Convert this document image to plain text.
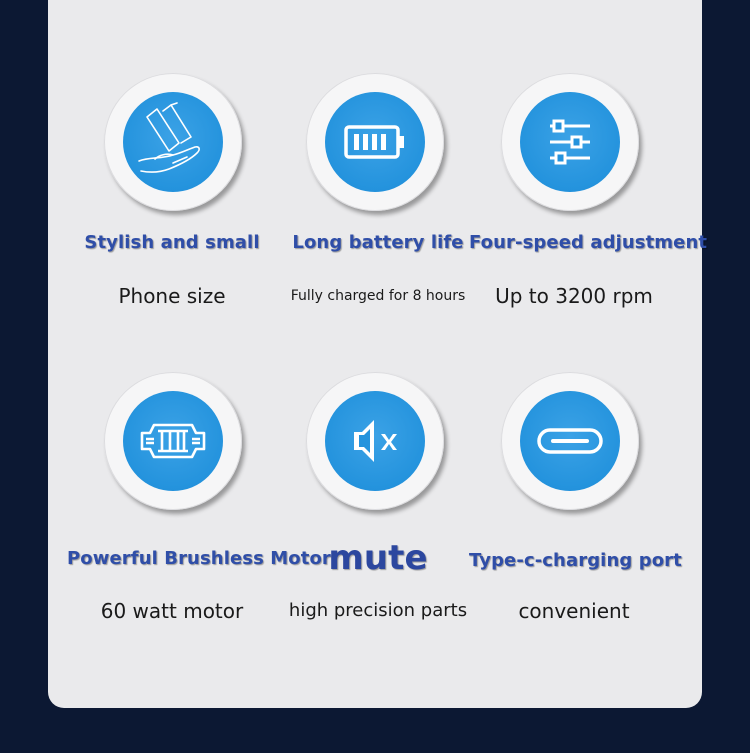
Stylish and small
Phone size
Long battery life
Fully charged for 8 hours
Four-speed adjustment
Up to 3200 rpm
Powerful Brushless Motor
60 watt motor
mute
high precision parts
Type-c-charging port
convenient
